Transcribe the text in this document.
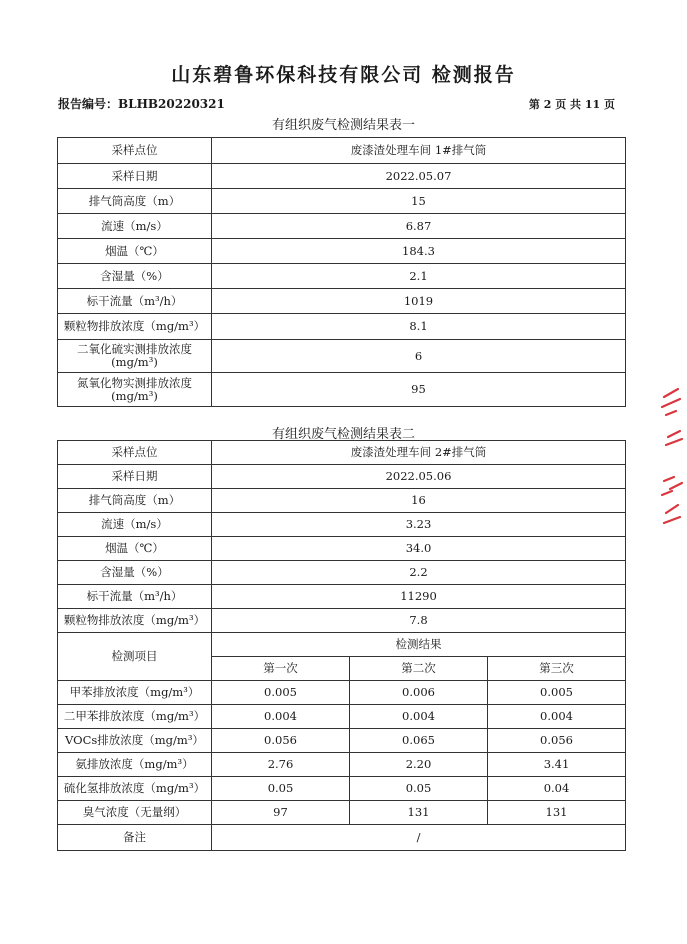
山东碧鲁环保科技有限公司 检测报告
报告编号：BLHB20220321	第 2 页 共 11 页
有组织废气检测结果表一
采样点位	废漆渣处理车间 1#排气筒
采样日期	2022.05.07
排气筒高度（m）	15
流速（m/s）	6.87
烟温（℃）	184.3
含湿量（%）	2.1
标干流量（m³/h）	1019
颗粒物排放浓度（mg/m³）	8.1

二氧化硫实测排放浓度
(mg/m³)	6

氮氧化物实测排放浓度
(mg/m³)	95
有组织废气检测结果表二
采样点位	废漆渣处理车间 2#排气筒		
采样日期	2022.05.06		
排气筒高度（m）	16		
流速（m/s）	3.23		
烟温（℃）	34.0		
含湿量（%）	2.2		
标干流量（m³/h）	11290		
颗粒物排放浓度（mg/m³）	7.8		
检测项目	检测结果		
	第一次	第二次	第三次
甲苯排放浓度（mg/m³）	0.005	0.006	0.005
二甲苯排放浓度（mg/m³）	0.004	0.004	0.004
VOCs排放浓度（mg/m³）	0.056	0.065	0.056
氨排放浓度（mg/m³）	2.76	2.20	3.41
硫化氢排放浓度（mg/m³）	0.05	0.05	0.04
臭气浓度（无量纲）	97	131	131
备注	/		
